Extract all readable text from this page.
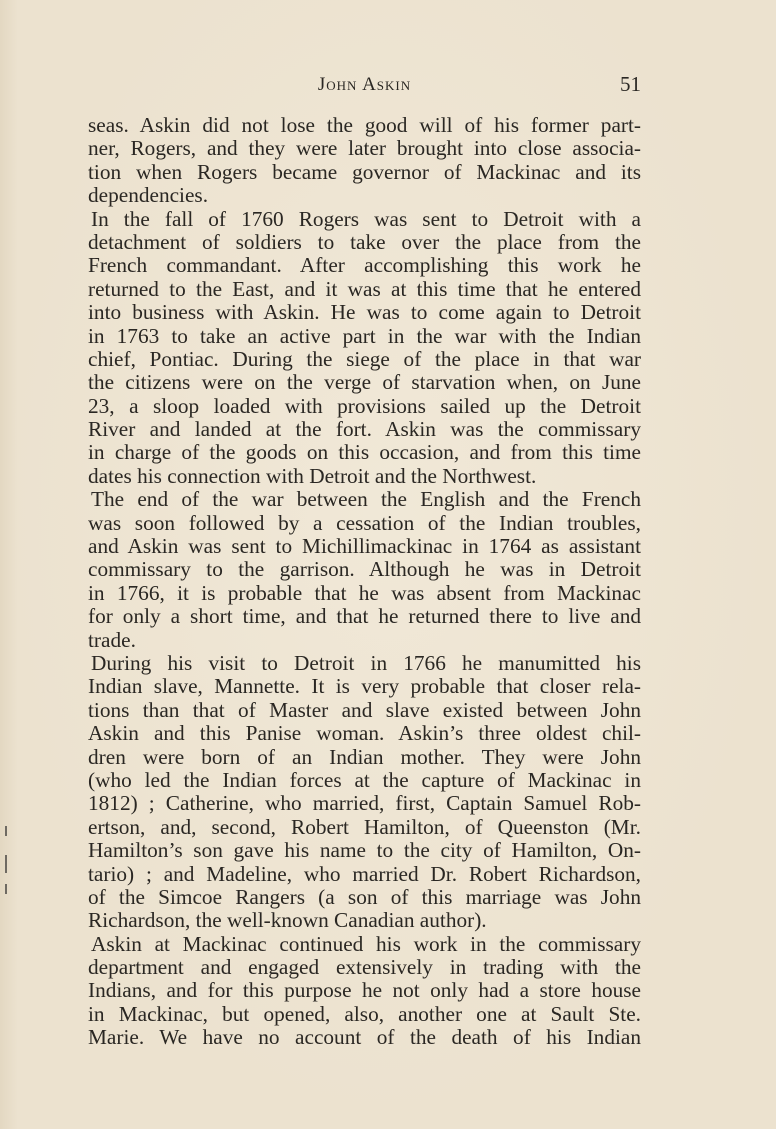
John Askin	51
seas. Askin did not lose the good will of his former part-
ner, Rogers, and they were later brought into close associa-
tion when Rogers became governor of Mackinac and its
dependencies.
In the fall of 1760 Rogers was sent to Detroit with a
detachment of soldiers to take over the place from the
French commandant. After accomplishing this work he
returned to the East, and it was at this time that he entered
into business with Askin. He was to come again to Detroit
in 1763 to take an active part in the war with the Indian
chief, Pontiac. During the siege of the place in that war
the citizens were on the verge of starvation when, on June
23, a sloop loaded with provisions sailed up the Detroit
River and landed at the fort. Askin was the commissary
in charge of the goods on this occasion, and from this time
dates his connection with Detroit and the Northwest.
The end of the war between the English and the French
was soon followed by a cessation of the Indian troubles,
and Askin was sent to Michillimackinac in 1764 as assistant
commissary to the garrison. Although he was in Detroit
in 1766, it is probable that he was absent from Mackinac
for only a short time, and that he returned there to live and
trade.
During his visit to Detroit in 1766 he manumitted his
Indian slave, Mannette. It is very probable that closer rela-
tions than that of Master and slave existed between John
Askin and this Panise woman. Askin’s three oldest chil-
dren were born of an Indian mother. They were John
(who led the Indian forces at the capture of Mackinac in
1812) ; Catherine, who married, first, Captain Samuel Rob-
ertson, and, second, Robert Hamilton, of Queenston (Mr.
Hamilton’s son gave his name to the city of Hamilton, On-
tario) ; and Madeline, who married Dr. Robert Richardson,
of the Simcoe Rangers (a son of this marriage was John
Richardson, the well-known Canadian author).
Askin at Mackinac continued his work in the commissary
department and engaged extensively in trading with the
Indians, and for this purpose he not only had a store house
in Mackinac, but opened, also, another one at Sault Ste.
Marie. We have no account of the death of his Indian
